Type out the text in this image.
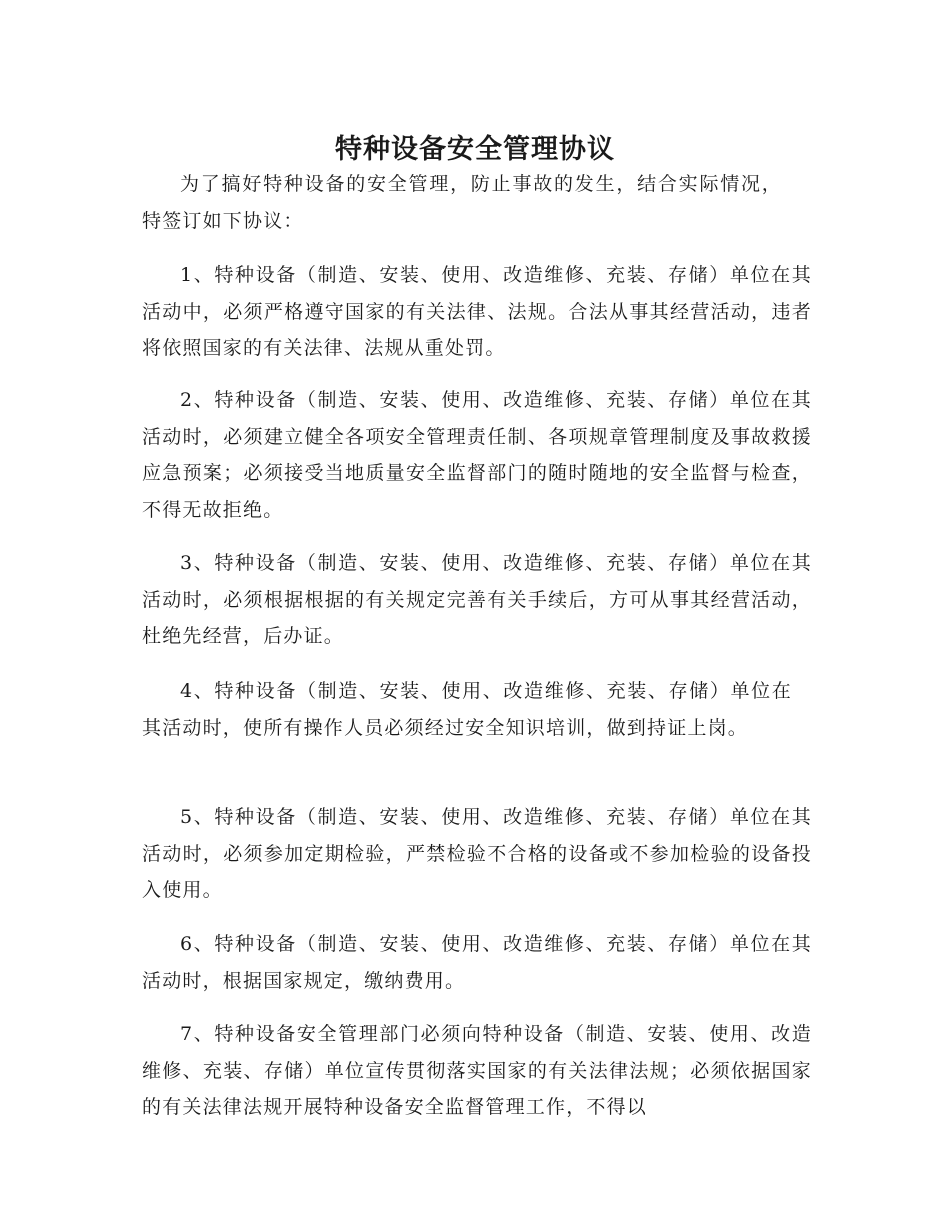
特种设备安全管理协议

为了搞好特种设备的安全管理，防止事故的发生，结合实际情况，特签订如下协议：

1、特种设备（制造、安装、使用、改造维修、充装、存储）单位在其活动中，必须严格遵守国家的有关法律、法规。合法从事其经营活动，违者将依照国家的有关法律、法规从重处罚。

2、特种设备（制造、安装、使用、改造维修、充装、存储）单位在其活动时，必须建立健全各项安全管理责任制、各项规章管理制度及事故救援应急预案；必须接受当地质量安全监督部门的随时随地的安全监督与检查，不得无故拒绝。

3、特种设备（制造、安装、使用、改造维修、充装、存储）单位在其活动时，必须根据根据的有关规定完善有关手续后，方可从事其经营活动，杜绝先经营，后办证。

4、特种设备（制造、安装、使用、改造维修、充装、存储）单位在其活动时，使所有操作人员必须经过安全知识培训，做到持证上岗。

5、特种设备（制造、安装、使用、改造维修、充装、存储）单位在其活动时，必须参加定期检验，严禁检验不合格的设备或不参加检验的设备投入使用。

6、特种设备（制造、安装、使用、改造维修、充装、存储）单位在其活动时，根据国家规定，缴纳费用。

7、特种设备安全管理部门必须向特种设备（制造、安装、使用、改造维修、充装、存储）单位宣传贯彻落实国家的有关法律法规；必须依据国家的有关法律法规开展特种设备安全监督管理工作，不得以
